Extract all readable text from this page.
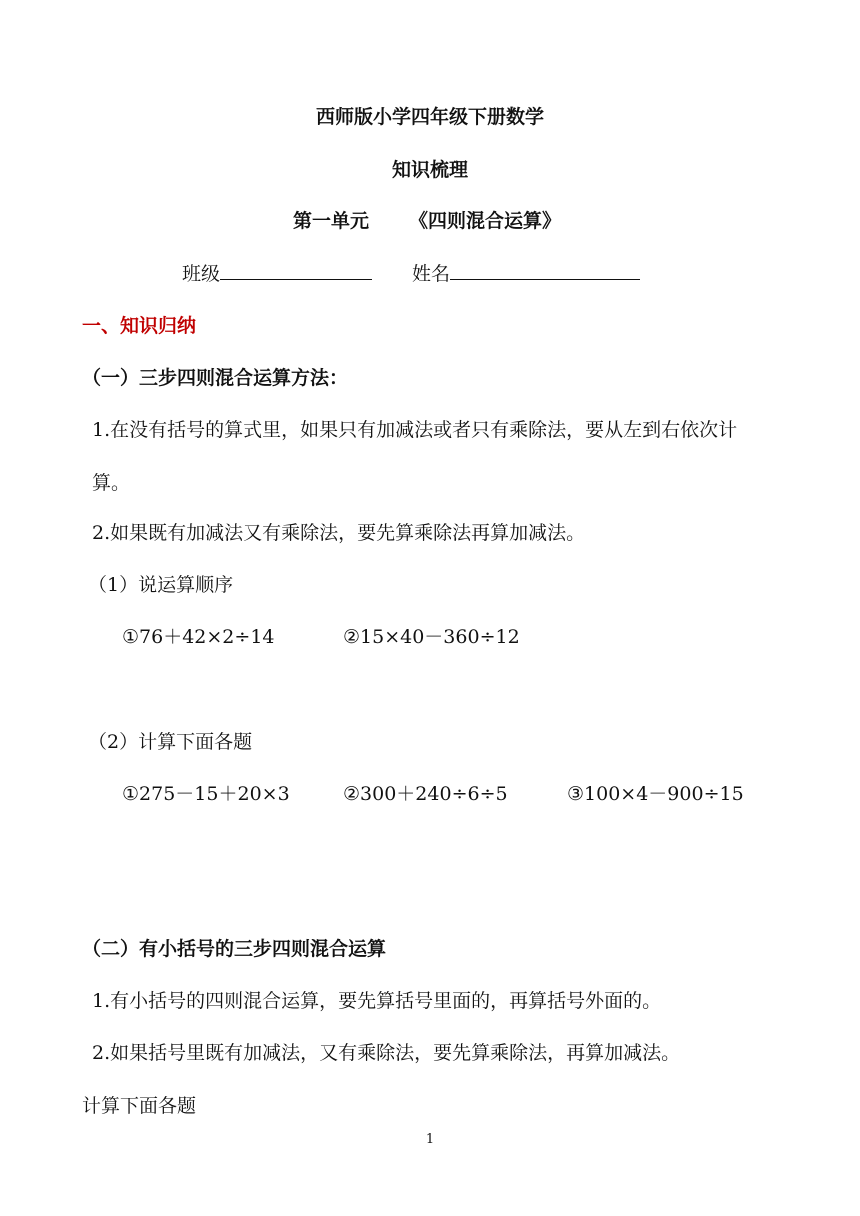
西师版小学四年级下册数学
知识梳理
第一单元 《四则混合运算》
班级	姓名
一、知识归纳
（一）三步四则混合运算方法：
1.在没有括号的算式里，如果只有加减法或者只有乘除法，要从左到右依次计
算。
2.如果既有加减法又有乘除法，要先算乘除法再算加减法。
（1）说运算顺序
①76＋42×2÷14	②15×40－360÷12
（2）计算下面各题
①275－15＋20×3	②300＋240÷6÷5	③100×4－900÷15
（二）有小括号的三步四则混合运算
1.有小括号的四则混合运算，要先算括号里面的，再算括号外面的。
2.如果括号里既有加减法，又有乘除法，要先算乘除法，再算加减法。
计算下面各题
1
